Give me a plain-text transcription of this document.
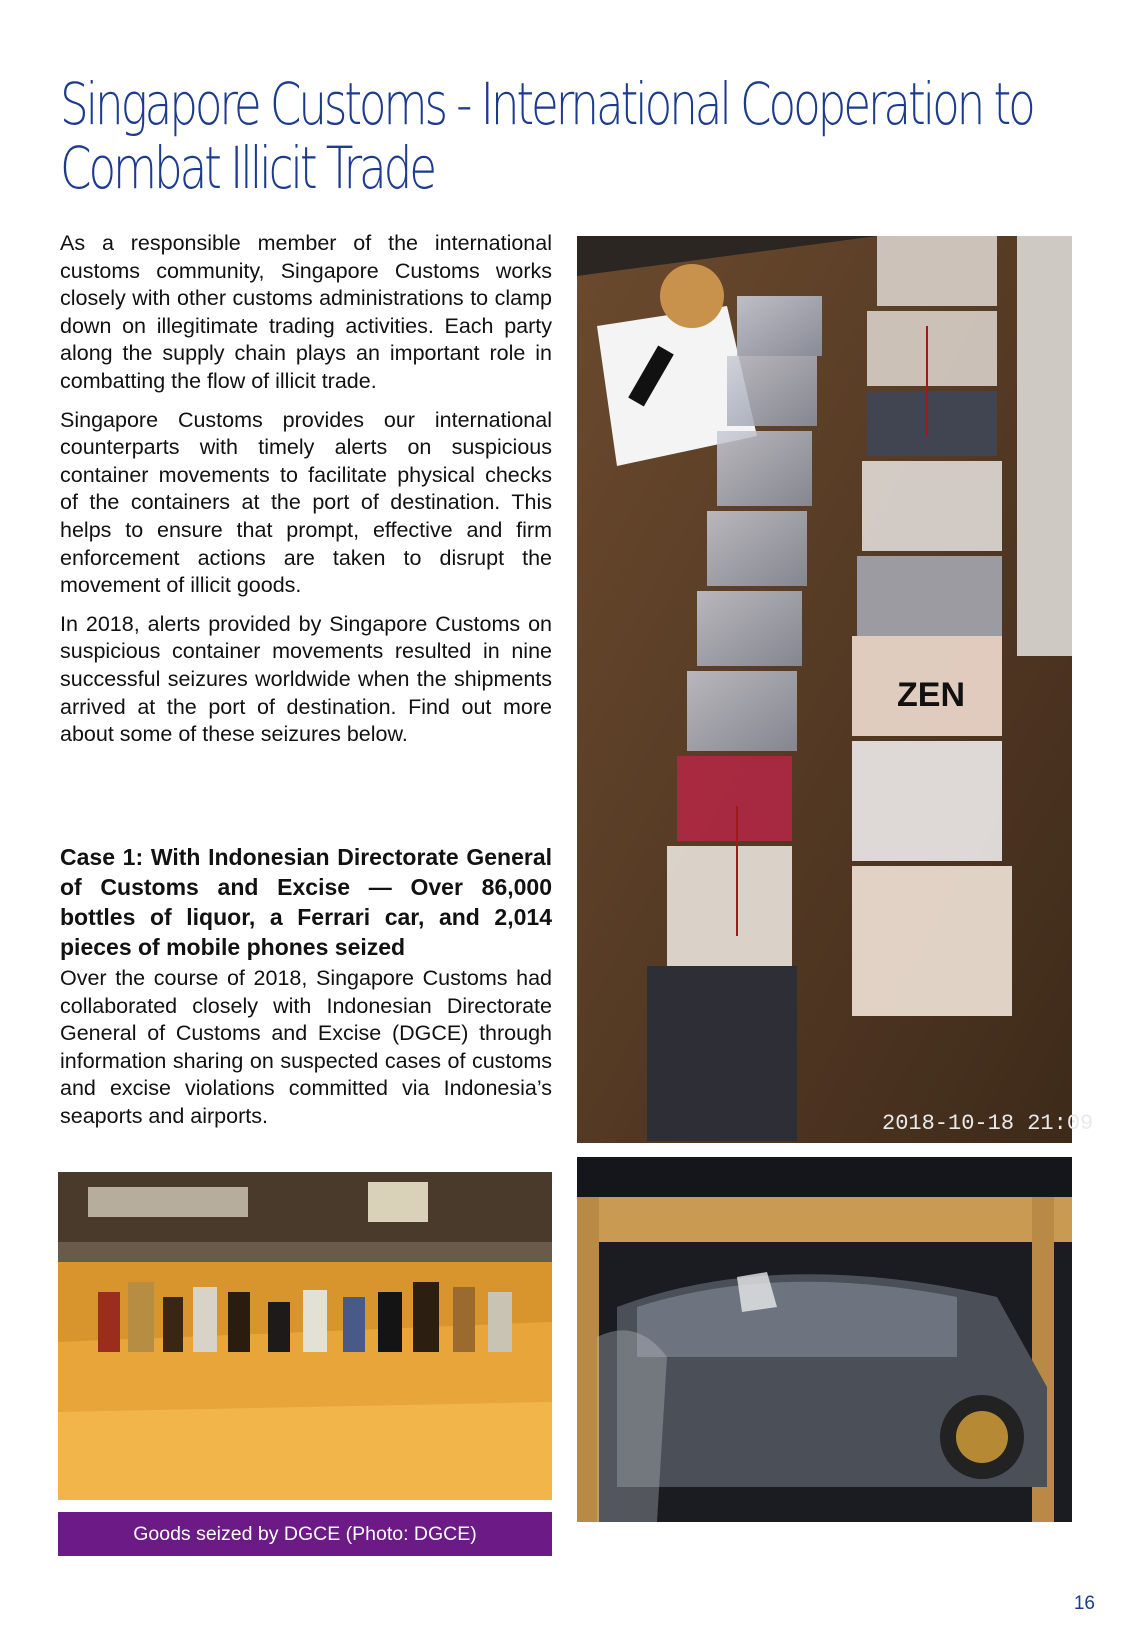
Singapore Customs - International Cooperation to
Combat Illicit Trade

As a responsible member of the international customs community, Singapore Customs works closely with other customs administrations to clamp down on illegitimate trading activities. Each party along the supply chain plays an important role in combatting the flow of illicit trade.

Singapore Customs provides our international counterparts with timely alerts on suspicious container movements to facilitate physical checks of the containers at the port of destination. This helps to ensure that prompt, effective and firm enforcement actions are taken to disrupt the movement of illicit goods.

In 2018, alerts provided by Singapore Customs on suspicious container movements resulted in nine successful seizures worldwide when the shipments arrived at the port of destination. Find out more about some of these seizures below.

Case 1: With Indonesian Directorate General of Customs and Excise — Over 86,000 bottles of liquor, a Ferrari car, and 2,014 pieces of mobile phones seized

Over the course of 2018, Singapore Customs had collaborated closely with Indonesian Directorate General of Customs and Excise (DGCE) through information sharing on suspected cases of customs and excise violations committed via Indonesia’s seaports and airports.

ZEN
2018-10-18 21:09
Goods seized by DGCE (Photo: DGCE)
16
